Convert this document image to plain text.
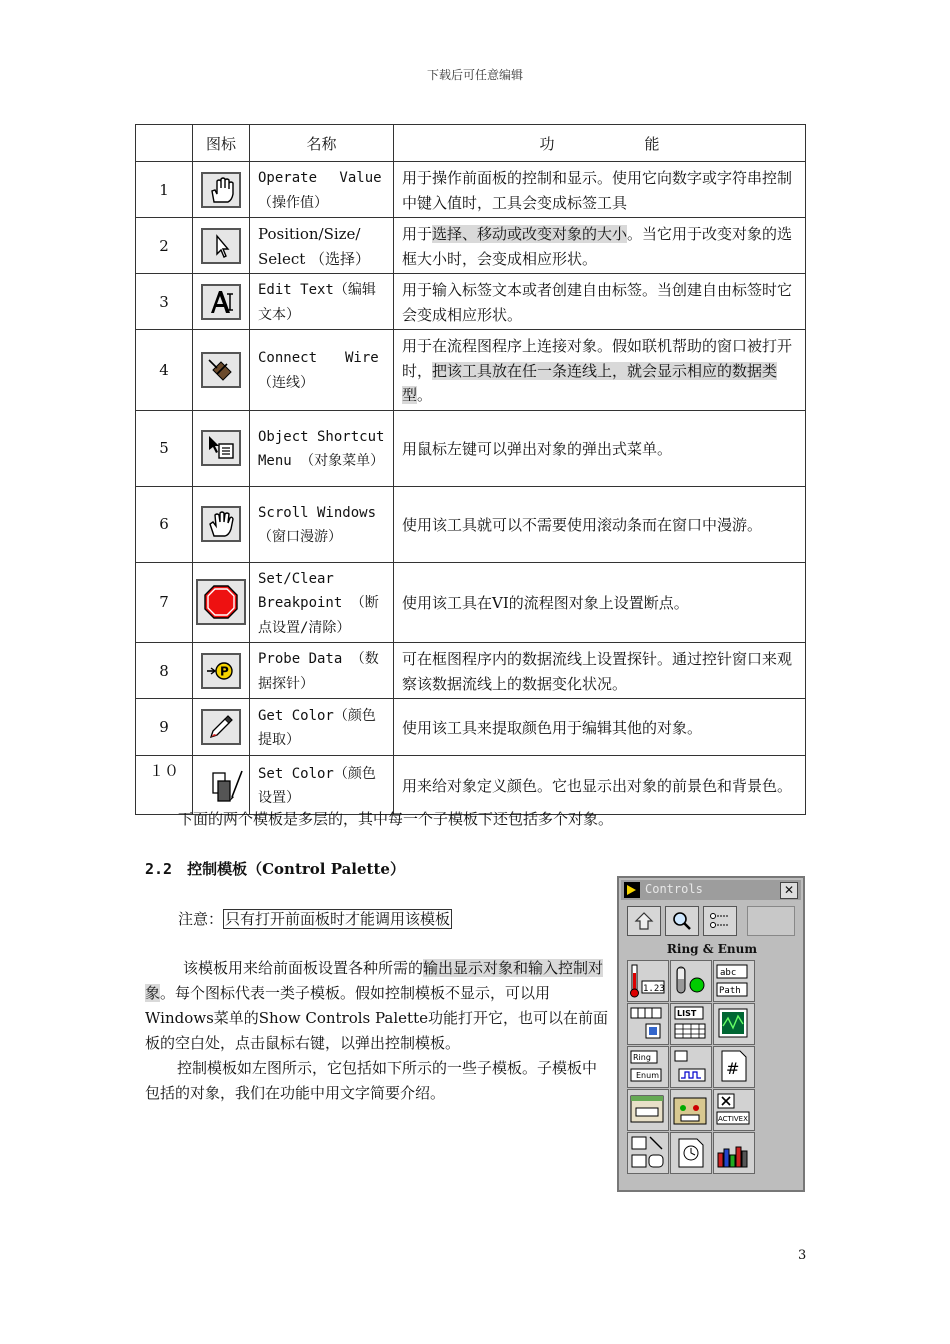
下载后可任意编辑
	图标	名称	功　　　　　　能
1		Operate　 Value（操作值）	用于操作前面板的控制和显示。使用它向数字或字符串控制中键入值时，工具会变成标签工具
2		Position/Size/ Select （选择）	用于选择、移动或改变对象的大小。当它用于改变对象的选框大小时，会变成相应形状。
3		Edit Text（编辑文本）	用于输入标签文本或者创建自由标签。当创建自由标签时它会变成相应形状。
4		Connect　　Wire（连线）	用于在流程图程序上连接对象。假如联机帮助的窗口被打开时，把该工具放在任一条连线上，就会显示相应的数据类型。
5		Object Shortcut Menu （对象菜单）	用鼠标左键可以弹出对象的弹出式菜单。
6		Scroll Windows（窗口漫游）	使用该工具就可以不需要使用滚动条而在窗口中漫游。
7		Set/Clear Breakpoint （断点设置/清除）	使用该工具在VI的流程图对象上设置断点。
8	P	Probe Data （数据探针）	可在框图程序内的数据流线上设置探针。通过控针窗口来观察该数据流线上的数据变化状况。
9		Get Color（颜色提取）	使用该工具来提取颜色用于编辑其他的对象。
１０		Set Color（颜色设置）	用来给对象定义颜色。它也显示出对象的前景色和背景色。
下面的两个模板是多层的，其中每一个子模板下还包括多个对象。
2.2　 控制模板（Control Palette）
注意： 只有打开前面板时才能调用该模板
该模板用来给前面板设置各种所需的输出显示对象和输入控制对象。每个图标代表一类子模板。假如控制模板不显示，可以用Windows菜单的Show Controls Palette功能打开它，也可以在前面板的空白处，点击鼠标右键，以弹出控制模板。
控制模板如左图所示，它包括如下所示的一些子模板。子模板中包括的对象，我们在功能中用文字简要介绍。
Controls	✕
Ring & Enum
1.23
abc
Path
LIST
Ring
Enum	#
ACTIVEX
3
